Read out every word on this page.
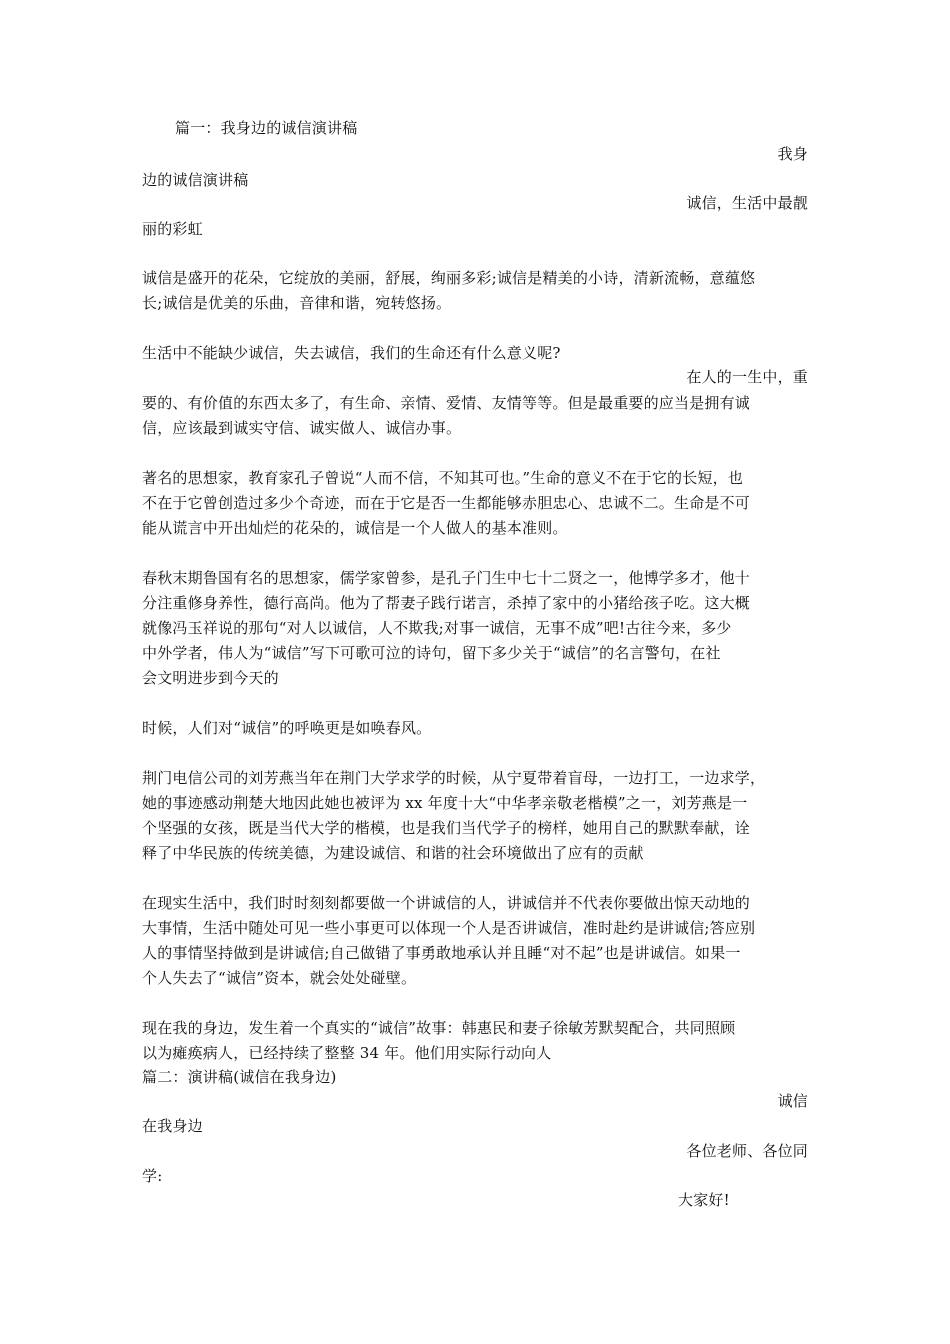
篇一：我身边的诚信演讲稿
我身
边的诚信演讲稿
诚信，生活中最靓
丽的彩虹
诚信是盛开的花朵，它绽放的美丽，舒展，绚丽多彩;诚信是精美的小诗，清新流畅，意蕴悠
长;诚信是优美的乐曲，音律和谐，宛转悠扬。
生活中不能缺少诚信，失去诚信，我们的生命还有什么意义呢?
在人的一生中，重
要的、有价值的东西太多了，有生命、亲情、爱情、友情等等。但是最重要的应当是拥有诚
信，应该最到诚实守信、诚实做人、诚信办事。
著名的思想家，教育家孔子曾说“人而不信，不知其可也。”生命的意义不在于它的长短，也
不在于它曾创造过多少个奇迹，而在于它是否一生都能够赤胆忠心、忠诚不二。生命是不可
能从谎言中开出灿烂的花朵的，诚信是一个人做人的基本准则。
春秋末期鲁国有名的思想家，儒学家曾参，是孔子门生中七十二贤之一，他博学多才，他十
分注重修身养性，德行高尚。他为了帮妻子践行诺言，杀掉了家中的小猪给孩子吃。这大概
就像冯玉祥说的那句“对人以诚信，人不欺我;对事一诚信，无事不成”吧!古往今来，多少
中外学者，伟人为“诚信”写下可歌可泣的诗句，留下多少关于“诚信”的名言警句，在社
会文明进步到今天的
时候，人们对“诚信”的呼唤更是如唤春风。
荆门电信公司的刘芳燕当年在荆门大学求学的时候，从宁夏带着盲母，一边打工，一边求学，
她的事迹感动荆楚大地因此她也被评为 xx 年度十大“中华孝亲敬老楷模”之一，刘芳燕是一
个坚强的女孩，既是当代大学的楷模，也是我们当代学子的榜样，她用自己的默默奉献，诠
释了中华民族的传统美德，为建设诚信、和谐的社会环境做出了应有的贡献
在现实生活中，我们时时刻刻都要做一个讲诚信的人，讲诚信并不代表你要做出惊天动地的
大事情，生活中随处可见一些小事更可以体现一个人是否讲诚信，准时赴约是讲诚信;答应别
人的事情坚持做到是讲诚信;自己做错了事勇敢地承认并且睡“对不起”也是讲诚信。如果一
个人失去了“诚信”资本，就会处处碰壁。
现在我的身边，发生着一个真实的“诚信”故事：韩惠民和妻子徐敏芳默契配合，共同照顾
以为瘫痪病人，已经持续了整整 34 年。他们用实际行动向人
篇二：演讲稿(诚信在我身边)
诚信
在我身边
各位老师、各位同
学:
大家好!
